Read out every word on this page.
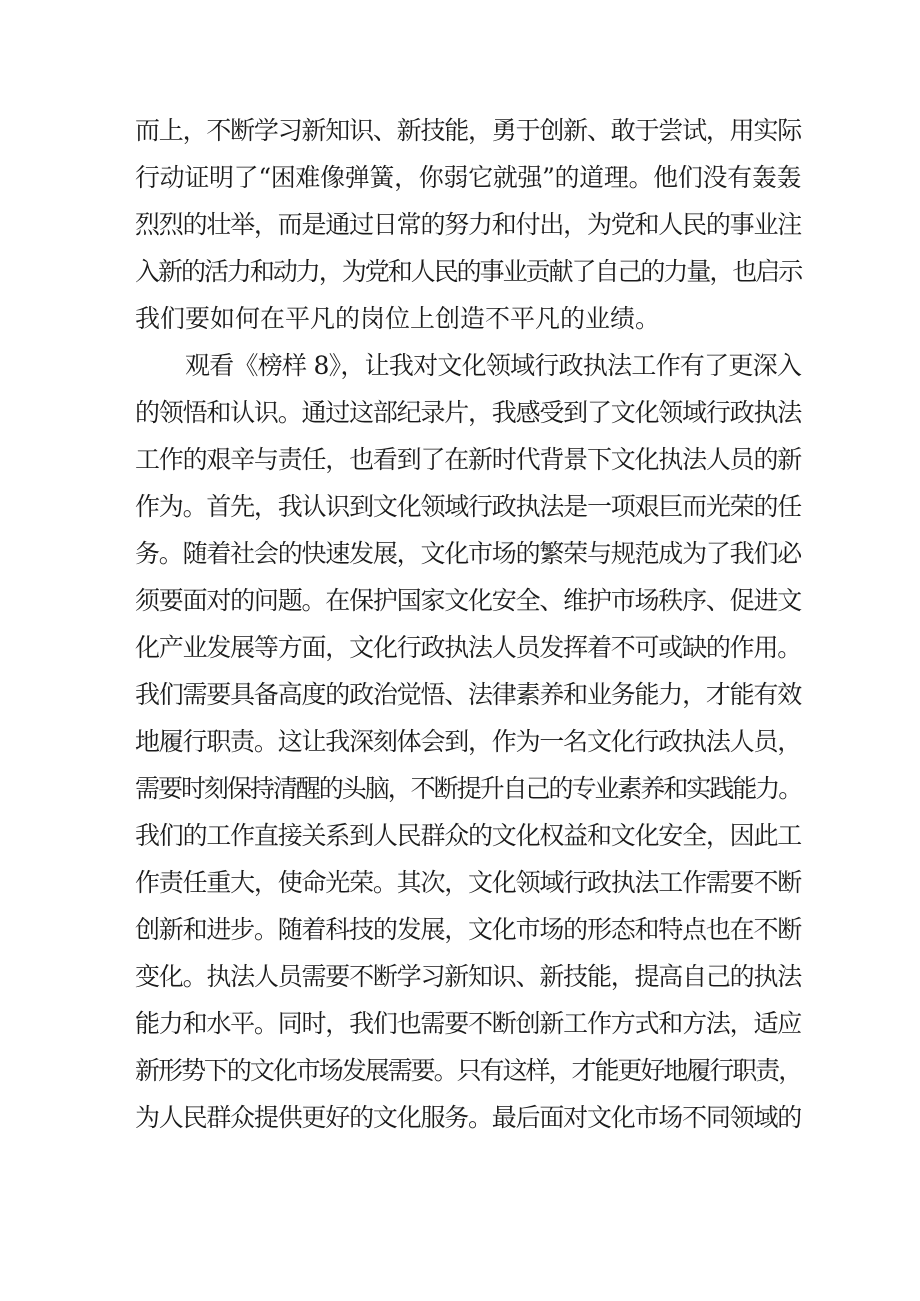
而上，不断学习新知识、新技能，勇于创新、敢于尝试，用实际
行动证明了“困难像弹簧，你弱它就强”的道理。他们没有轰轰
烈烈的壮举，而是通过日常的努力和付出，为党和人民的事业注
入新的活力和动力，为党和人民的事业贡献了自己的力量，也启示
我们要如何在平凡的岗位上创造不平凡的业绩。
观看《榜样 8》，让我对文化领域行政执法工作有了更深入
的领悟和认识。通过这部纪录片，我感受到了文化领域行政执法
工作的艰辛与责任，也看到了在新时代背景下文化执法人员的新
作为。首先，我认识到文化领域行政执法是一项艰巨而光荣的任
务。随着社会的快速发展，文化市场的繁荣与规范成为了我们必
须要面对的问题。在保护国家文化安全、维护市场秩序、促进文
化产业发展等方面，文化行政执法人员发挥着不可或缺的作用。
我们需要具备高度的政治觉悟、法律素养和业务能力，才能有效
地履行职责。这让我深刻体会到，作为一名文化行政执法人员，
需要时刻保持清醒的头脑，不断提升自己的专业素养和实践能力。
我们的工作直接关系到人民群众的文化权益和文化安全，因此工
作责任重大，使命光荣。其次，文化领域行政执法工作需要不断
创新和进步。随着科技的发展，文化市场的形态和特点也在不断
变化。执法人员需要不断学习新知识、新技能，提高自己的执法
能力和水平。同时，我们也需要不断创新工作方式和方法，适应
新形势下的文化市场发展需要。只有这样，才能更好地履行职责，
为人民群众提供更好的文化服务。最后面对文化市场不同领域的
